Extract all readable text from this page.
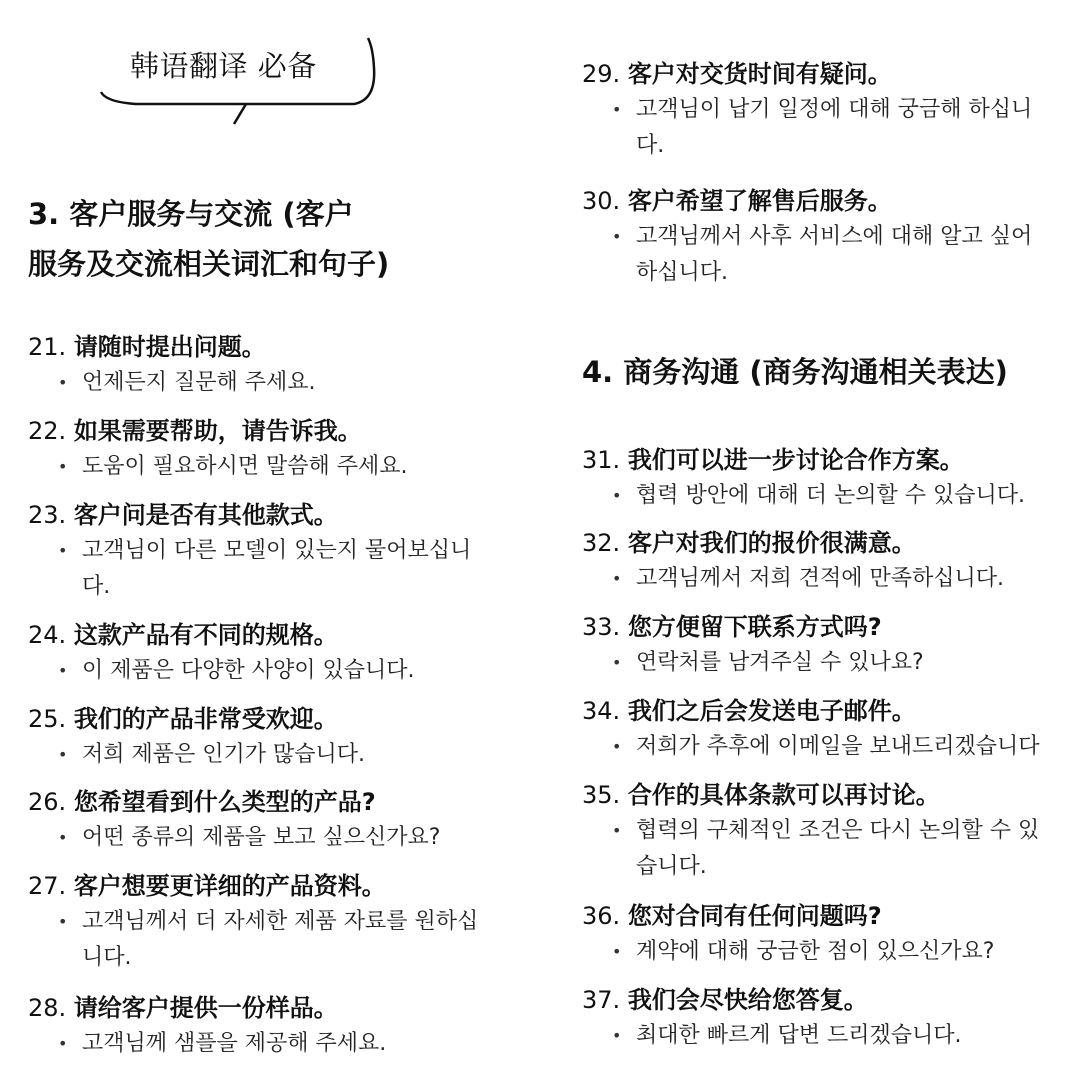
韩语翻译 必备
3. 客户服务与交流 (客户
服务及交流相关词汇和句子)
21. 请随时提出问题。
• 언제든지 질문해 주세요.
22. 如果需要帮助，请告诉我。
• 도움이 필요하시면 말씀해 주세요.
23. 客户问是否有其他款式。
• 고객님이 다른 모델이 있는지 물어보십니
다.
24. 这款产品有不同的规格。
• 이 제품은 다양한 사양이 있습니다.
25. 我们的产品非常受欢迎。
• 저희 제품은 인기가 많습니다.
26. 您希望看到什么类型的产品?
• 어떤 종류의 제품을 보고 싶으신가요?
27. 客户想要更详细的产品资料。
• 고객님께서 더 자세한 제품 자료를 원하십
니다.
28. 请给客户提供一份样品。
• 고객님께 샘플을 제공해 주세요.
29. 客户对交货时间有疑问。
• 고객님이 납기 일정에 대해 궁금해 하십니
다.
30. 客户希望了解售后服务。
• 고객님께서 사후 서비스에 대해 알고 싶어
하십니다.
4. 商务沟通 (商务沟通相关表达)
31. 我们可以进一步讨论合作方案。
• 협력 방안에 대해 더 논의할 수 있습니다.
32. 客户对我们的报价很满意。
• 고객님께서 저희 견적에 만족하십니다.
33. 您方便留下联系方式吗?
• 연락처를 남겨주실 수 있나요?
34. 我们之后会发送电子邮件。
• 저희가 추후에 이메일을 보내드리겠습니다
35. 合作的具体条款可以再讨论。
• 협력의 구체적인 조건은 다시 논의할 수 있
습니다.
36. 您对合同有任何问题吗?
• 계약에 대해 궁금한 점이 있으신가요?
37. 我们会尽快给您答复。
• 최대한 빠르게 답변 드리겠습니다.
